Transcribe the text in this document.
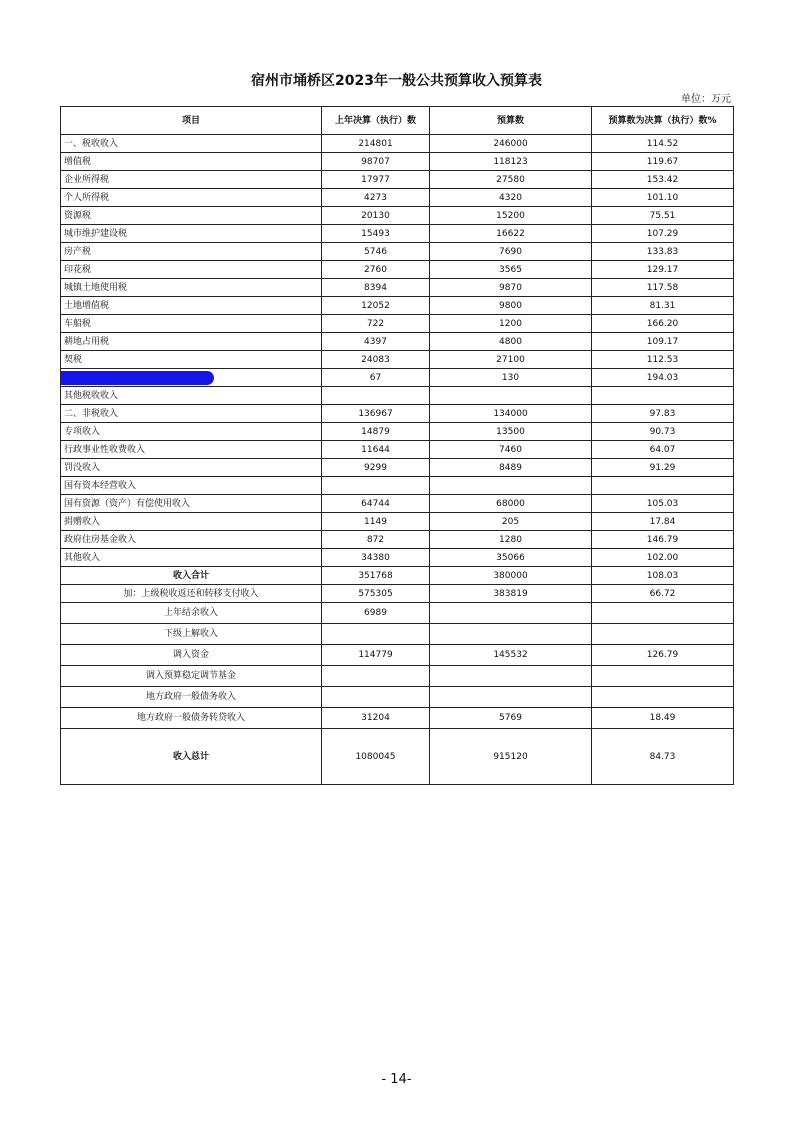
宿州市埇桥区2023年一般公共预算收入预算表
单位：万元
项目	上年决算（执行）数	预算数	预算数为决算（执行）数%
一、税收收入	214801	246000	114.52
增值税	98707	118123	119.67
企业所得税	17977	27580	153.42
个人所得税	4273	4320	101.10
资源税	20130	15200	75.51
城市维护建设税	15493	16622	107.29
房产税	5746	7690	133.83
印花税	2760	3565	129.17
城镇土地使用税	8394	9870	117.58
土地增值税	12052	9800	81.31
车船税	722	1200	166.20
耕地占用税	4397	4800	109.17
契税	24083	27100	112.53
环境保护税	67	130	194.03
其他税收收入			
二、非税收入	136967	134000	97.83
专项收入	14879	13500	90.73
行政事业性收费收入	11644	7460	64.07
罚没收入	9299	8489	91.29
国有资本经营收入			
国有资源（资产）有偿使用收入	64744	68000	105.03
捐赠收入	1149	205	17.84
政府住房基金收入	872	1280	146.79
其他收入	34380	35066	102.00
收入合计	351768	380000	108.03
加：上级税收返还和转移支付收入	575305	383819	66.72
上年结余收入	6989		
下级上解收入			
调入资金	114779	145532	126.79
调入预算稳定调节基金			
地方政府一般债务收入			
地方政府一般债务转贷收入	31204	5769	18.49
收入总计	1080045	915120	84.73
- 14-
